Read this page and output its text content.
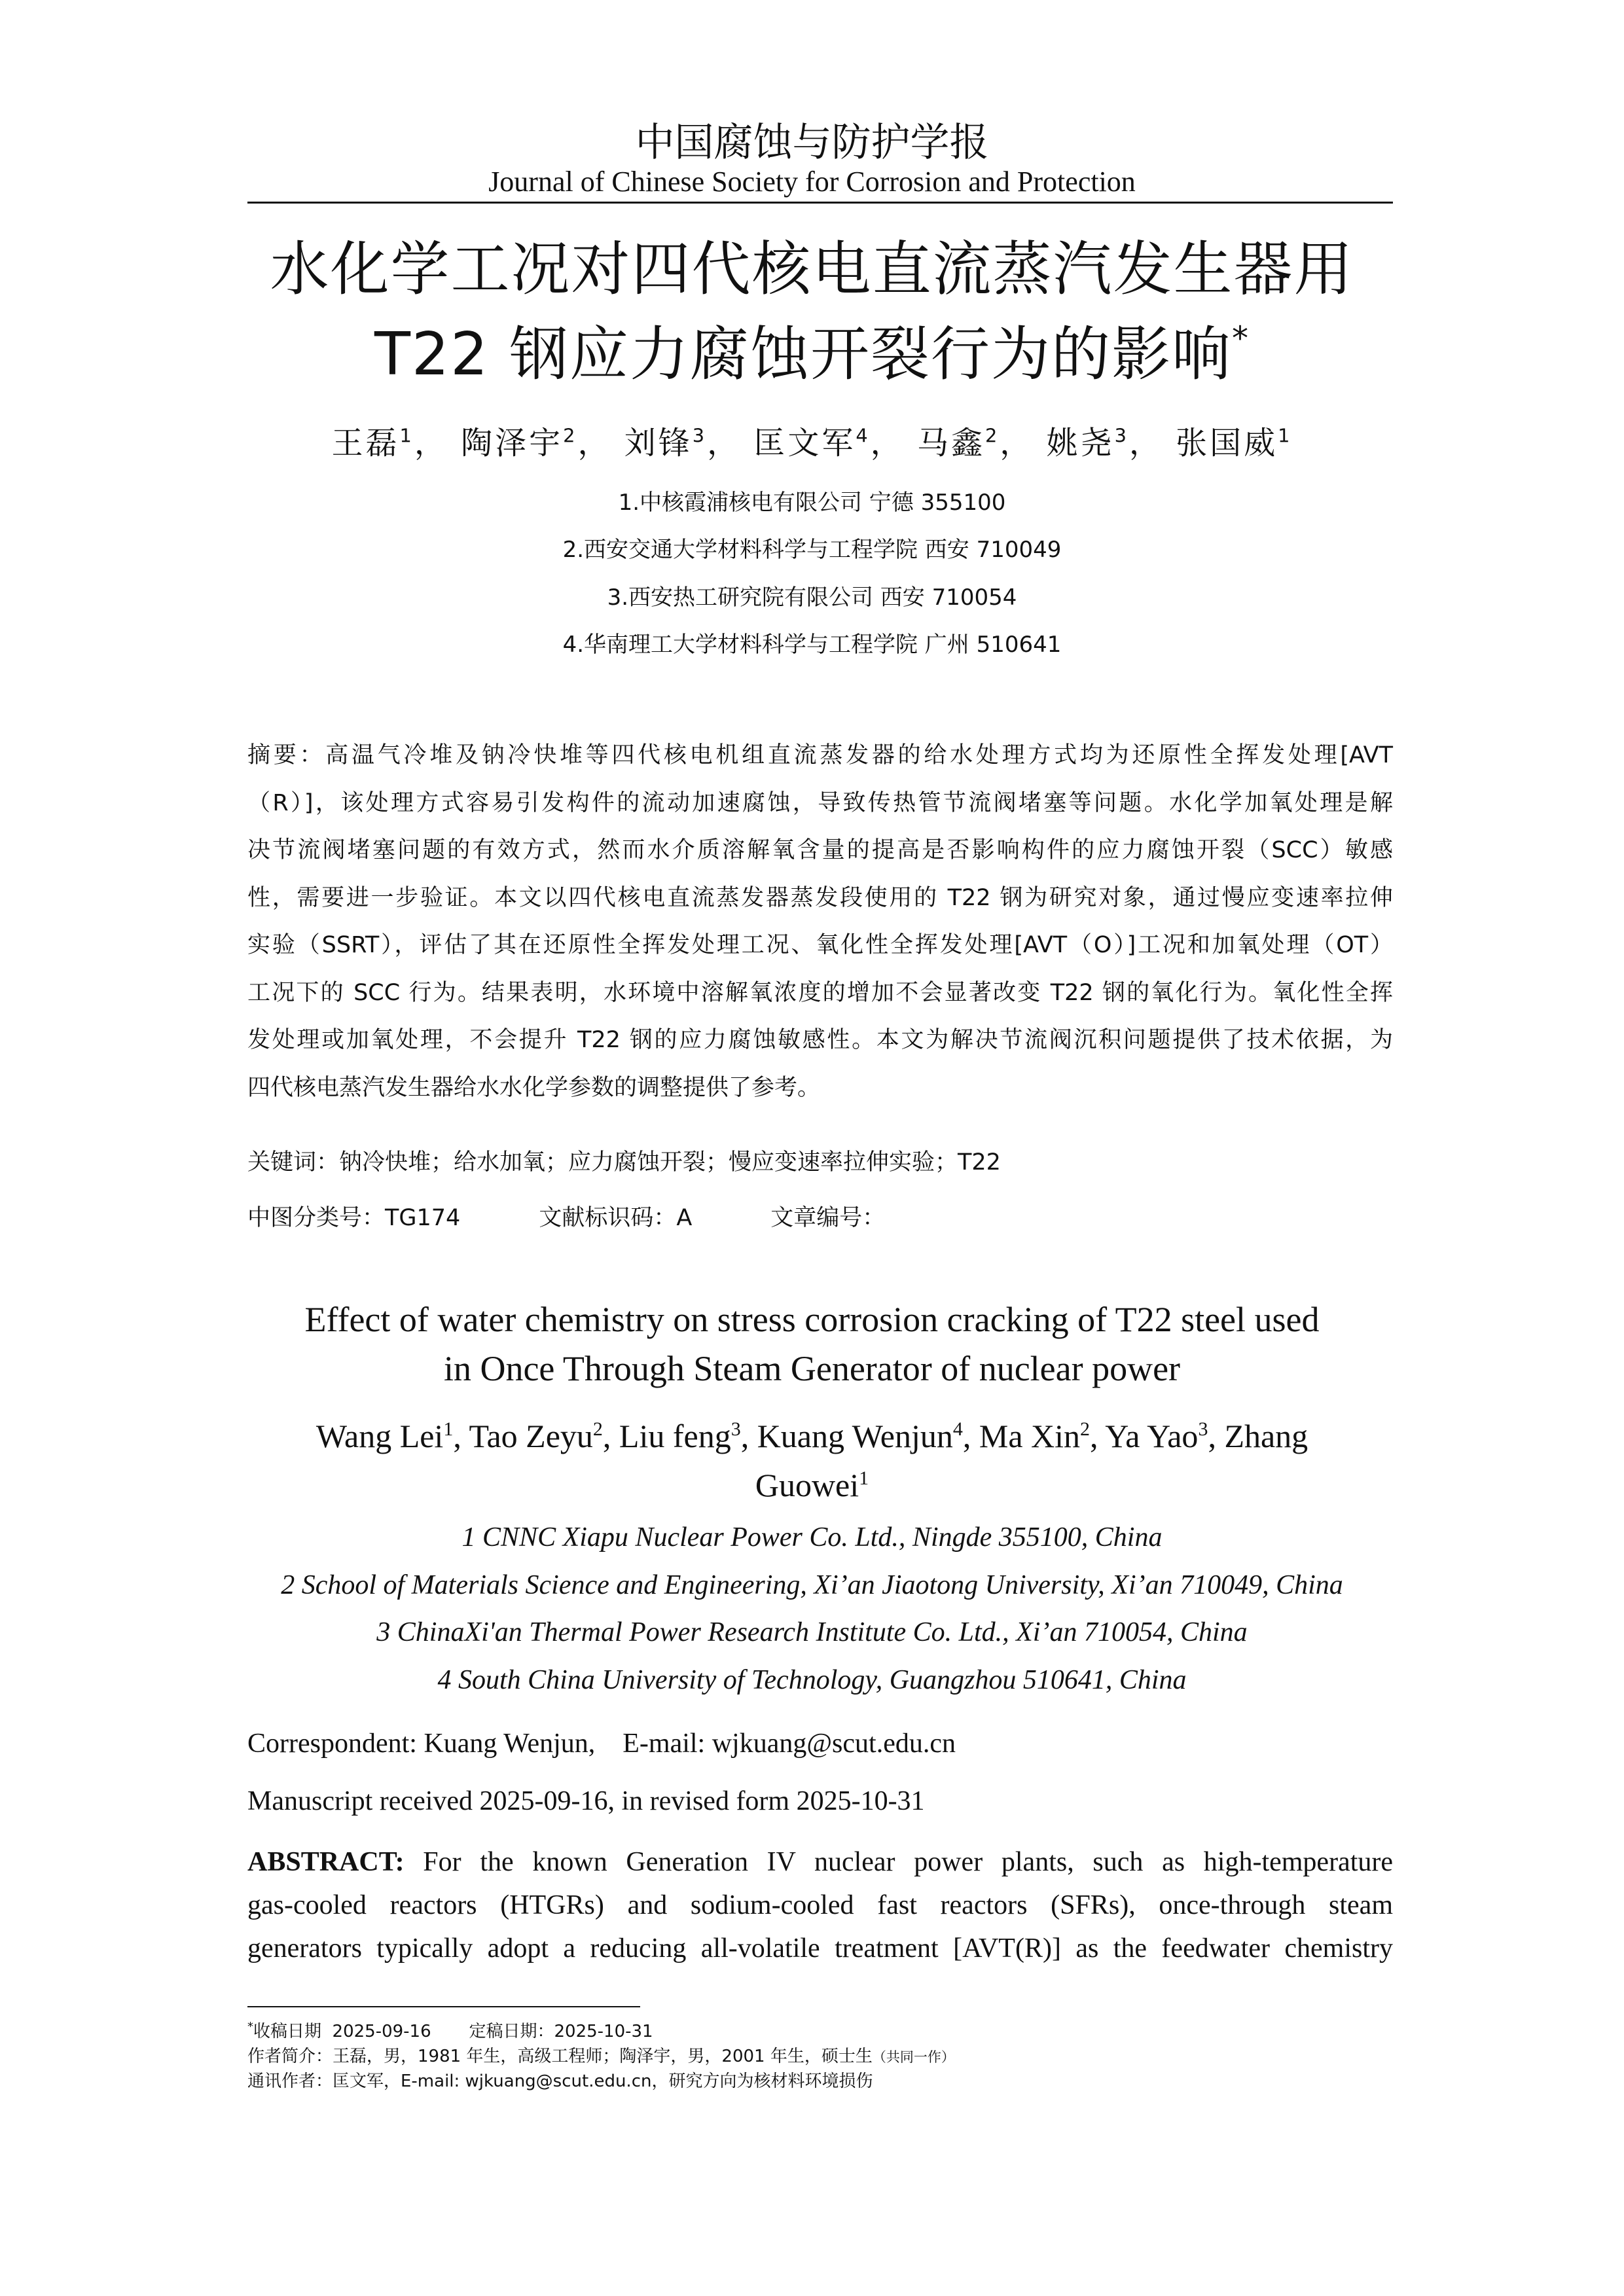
中国腐蚀与防护学报
Journal of Chinese Society for Corrosion and Protection
水化学工况对四代核电直流蒸汽发生器用
T22 钢应力腐蚀开裂行为的影响*
王磊$^1$， 陶泽宇$^2$， 刘锋$^3$， 匡文军$^4$， 马鑫$^2$， 姚尧$^3$， 张国威$^1$
1.中核霞浦核电有限公司 宁德 355100
2.西安交通大学材料科学与工程学院 西安 710049
3.西安热工研究院有限公司 西安 710054
4.华南理工大学材料科学与工程学院 广州 510641
摘要：高温气冷堆及钠冷快堆等四代核电机组直流蒸发器的给水处理方式均为还原性全挥发处理[AVT
（R）]，该处理方式容易引发构件的流动加速腐蚀，导致传热管节流阀堵塞等问题。水化学加氧处理是解
决节流阀堵塞问题的有效方式，然而水介质溶解氧含量的提高是否影响构件的应力腐蚀开裂（SCC）敏感
性，需要进一步验证。本文以四代核电直流蒸发器蒸发段使用的 T22 钢为研究对象，通过慢应变速率拉伸
实验（SSRT），评估了其在还原性全挥发处理工况、氧化性全挥发处理[AVT（O）]工况和加氧处理（OT）
工况下的 SCC 行为。结果表明，水环境中溶解氧浓度的增加不会显著改变 T22 钢的氧化行为。氧化性全挥
发处理或加氧处理，不会提升 T22 钢的应力腐蚀敏感性。本文为解决节流阀沉积问题提供了技术依据，为
四代核电蒸汽发生器给水水化学参数的调整提供了参考。
关键词：钠冷快堆；给水加氧；应力腐蚀开裂；慢应变速率拉伸实验；T22
中图分类号：TG174	文献标识码：A	文章编号：
Effect of water chemistry on stress corrosion cracking of T22 steel used
in Once Through Steam Generator of nuclear power
Wang Lei$^1$, Tao Zeyu$^2$, Liu feng$^3$, Kuang Wenjun$^4$, Ma Xin$^2$, Ya Yao$^3$, Zhang
Guowei$^1$
1 CNNC Xiapu Nuclear Power Co. Ltd., Ningde 355100, China
2 School of Materials Science and Engineering, Xi’an Jiaotong University, Xi’an 710049, China
3 ChinaXi'an Thermal Power Research Institute Co. Ltd., Xi’an 710054, China
4 South China University of Technology, Guangzhou 510641, China
Correspondent: Kuang Wenjun,    E-mail: wjkuang@scut.edu.cn
Manuscript received 2025-09-16, in revised form 2025-10-31
ABSTRACT: For the known Generation IV nuclear power plants, such as high-temperature
gas-cooled reactors (HTGRs) and sodium-cooled fast reactors (SFRs), once-through steam
generators typically adopt a reducing all-volatile treatment [AVT(R)] as the feedwater chemistry
*收稿日期  2025-09-16       定稿日期：2025-10-31
作者简介：王磊，男，1981 年生，高级工程师；陶泽宇，男，2001 年生，硕士生（共同一作）
通讯作者：匡文军，E-mail: wjkuang@scut.edu.cn，研究方向为核材料环境损伤
